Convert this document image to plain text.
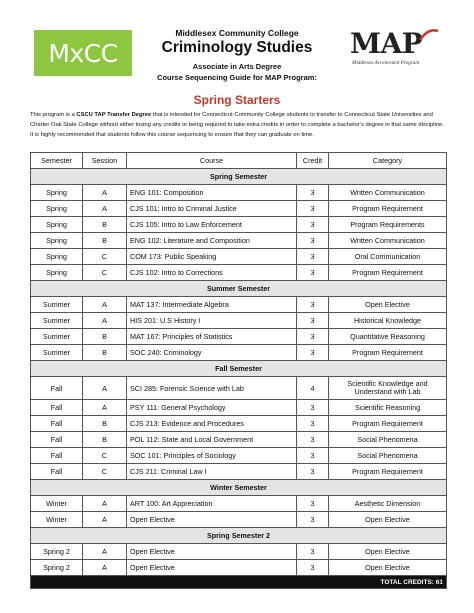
MxCC
Middlesex Community College
Criminology Studies
Associate in Arts Degree
Course Sequencing Guide for MAP Program:
MAP
Middlesex Accelerated Program
Spring Starters
This program is a CSCU TAP Transfer Degree that is intended for Connecticut Community College students to transfer to Connecticut State Universities and Charter Oak State College without either losing any credits or being required to take extra credits in order to complete a bachelor’s degree in that same discipline. It is highly recommended that students follow this course sequencing to ensure that they can graduate on time.
Semester	Session	Course	Credit	Category
Spring Semester				
Spring	A	ENG 101: Composition	3	Written Communication
Spring	A	CJS 101: Intro to Criminal Justice	3	Program Requirement
Spring	B	CJS 105: Intro to Law Enforcement	3	Program Requirements
Spring	B	ENG 102: Literature and Composition	3	Written Communication
Spring	C	COM 173: Public Speaking	3	Oral Communication
Spring	C	CJS 102: Intro to Corrections	3	Program Requirement
Summer Semester				
Summer	A	MAT 137: Intermediate Algebra	3	Open Elective
Summer	A	HIS 201: U.S History I	3	Historical Knowledge
Summer	B	MAT 167: Principles of Statistics	3	Quantitative Reasoning
Summer	B	SOC 240: Criminology	3	Program Requirement
Fall Semester				
Fall	A	SCI 285: Forensic Science with Lab	4	Scientific Knowledge and Understand with Lab
Fall	A	PSY 111: General Psychology	3	Scientific Reasoning
Fall	B	CJS 213: Evidence and Procedures	3	Program Requirement
Fall	B	POL 112: State and Local Government	3	Social Phenomena
Fall	C	SOC 101: Principles of Sociology	3	Social Phenomena
Fall	C	CJS 211: Criminal Law I	3	Program Requirement
Winter Semester				
Winter	A	ART 100: Art Appreciation	3	Aesthetic Dimension
Winter	A	Open Elective	3	Open Elective
Spring Semester 2				
Spring 2	A	Open Elective	3	Open Elective
Spring 2	A	Open Elective	3	Open Elective
TOTAL CREDITS: 61				
